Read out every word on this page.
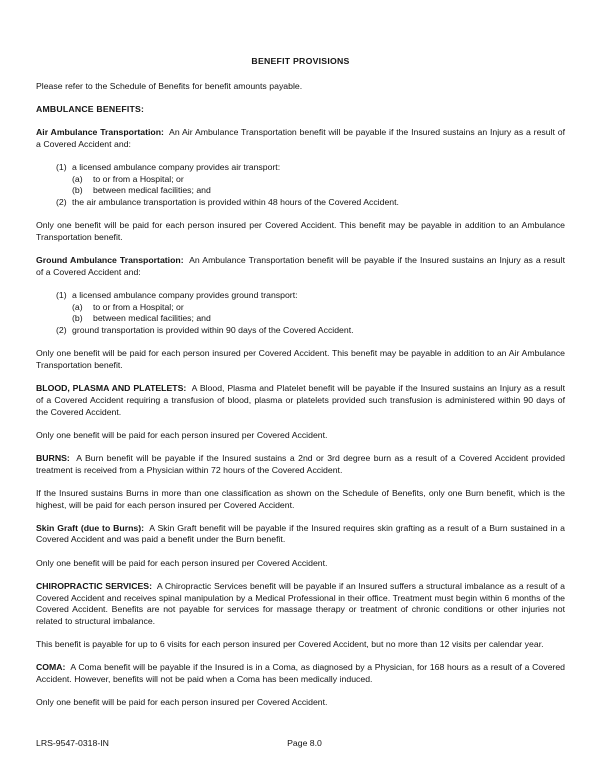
BENEFIT PROVISIONS

Please refer to the Schedule of Benefits for benefit amounts payable.

AMBULANCE BENEFITS:

Air Ambulance Transportation: An Air Ambulance Transportation benefit will be payable if the Insured sustains an Injury as a result of a Covered Accident and:

(1) a licensed ambulance company provides air transport:
(a)	to or from a Hospital; or
(b)	between medical facilities; and
(2) the air ambulance transportation is provided within 48 hours of the Covered Accident.

Only one benefit will be paid for each person insured per Covered Accident. This benefit may be payable in addition to an Ambulance Transportation benefit.

Ground Ambulance Transportation: An Ambulance Transportation benefit will be payable if the Insured sustains an Injury as a result of a Covered Accident and:

(1) a licensed ambulance company provides ground transport:
(a)	to or from a Hospital; or
(b)	between medical facilities; and
(2) ground transportation is provided within 90 days of the Covered Accident.

Only one benefit will be paid for each person insured per Covered Accident. This benefit may be payable in addition to an Air Ambulance Transportation benefit.

BLOOD, PLASMA AND PLATELETS: A Blood, Plasma and Platelet benefit will be payable if the Insured sustains an Injury as a result of a Covered Accident requiring a transfusion of blood, plasma or platelets provided such transfusion is administered within 90 days of the Covered Accident.

Only one benefit will be paid for each person insured per Covered Accident.

BURNS: A Burn benefit will be payable if the Insured sustains a 2nd or 3rd degree burn as a result of a Covered Accident provided treatment is received from a Physician within 72 hours of the Covered Accident.

If the Insured sustains Burns in more than one classification as shown on the Schedule of Benefits, only one Burn benefit, which is the highest, will be paid for each person insured per Covered Accident.

Skin Graft (due to Burns): A Skin Graft benefit will be payable if the Insured requires skin grafting as a result of a Burn sustained in a Covered Accident and was paid a benefit under the Burn benefit.

Only one benefit will be paid for each person insured per Covered Accident.

CHIROPRACTIC SERVICES: A Chiropractic Services benefit will be payable if an Insured suffers a structural imbalance as a result of a Covered Accident and receives spinal manipulation by a Medical Professional in their office. Treatment must begin within 6 months of the Covered Accident. Benefits are not payable for services for massage therapy or treatment of chronic conditions or other injuries not related to structural imbalance.

This benefit is payable for up to 6 visits for each person insured per Covered Accident, but no more than 12 visits per calendar year.

COMA: A Coma benefit will be payable if the Insured is in a Coma, as diagnosed by a Physician, for 168 hours as a result of a Covered Accident. However, benefits will not be paid when a Coma has been medically induced.

Only one benefit will be paid for each person insured per Covered Accident.

LRS-9547-0318-IN	Page 8.0
